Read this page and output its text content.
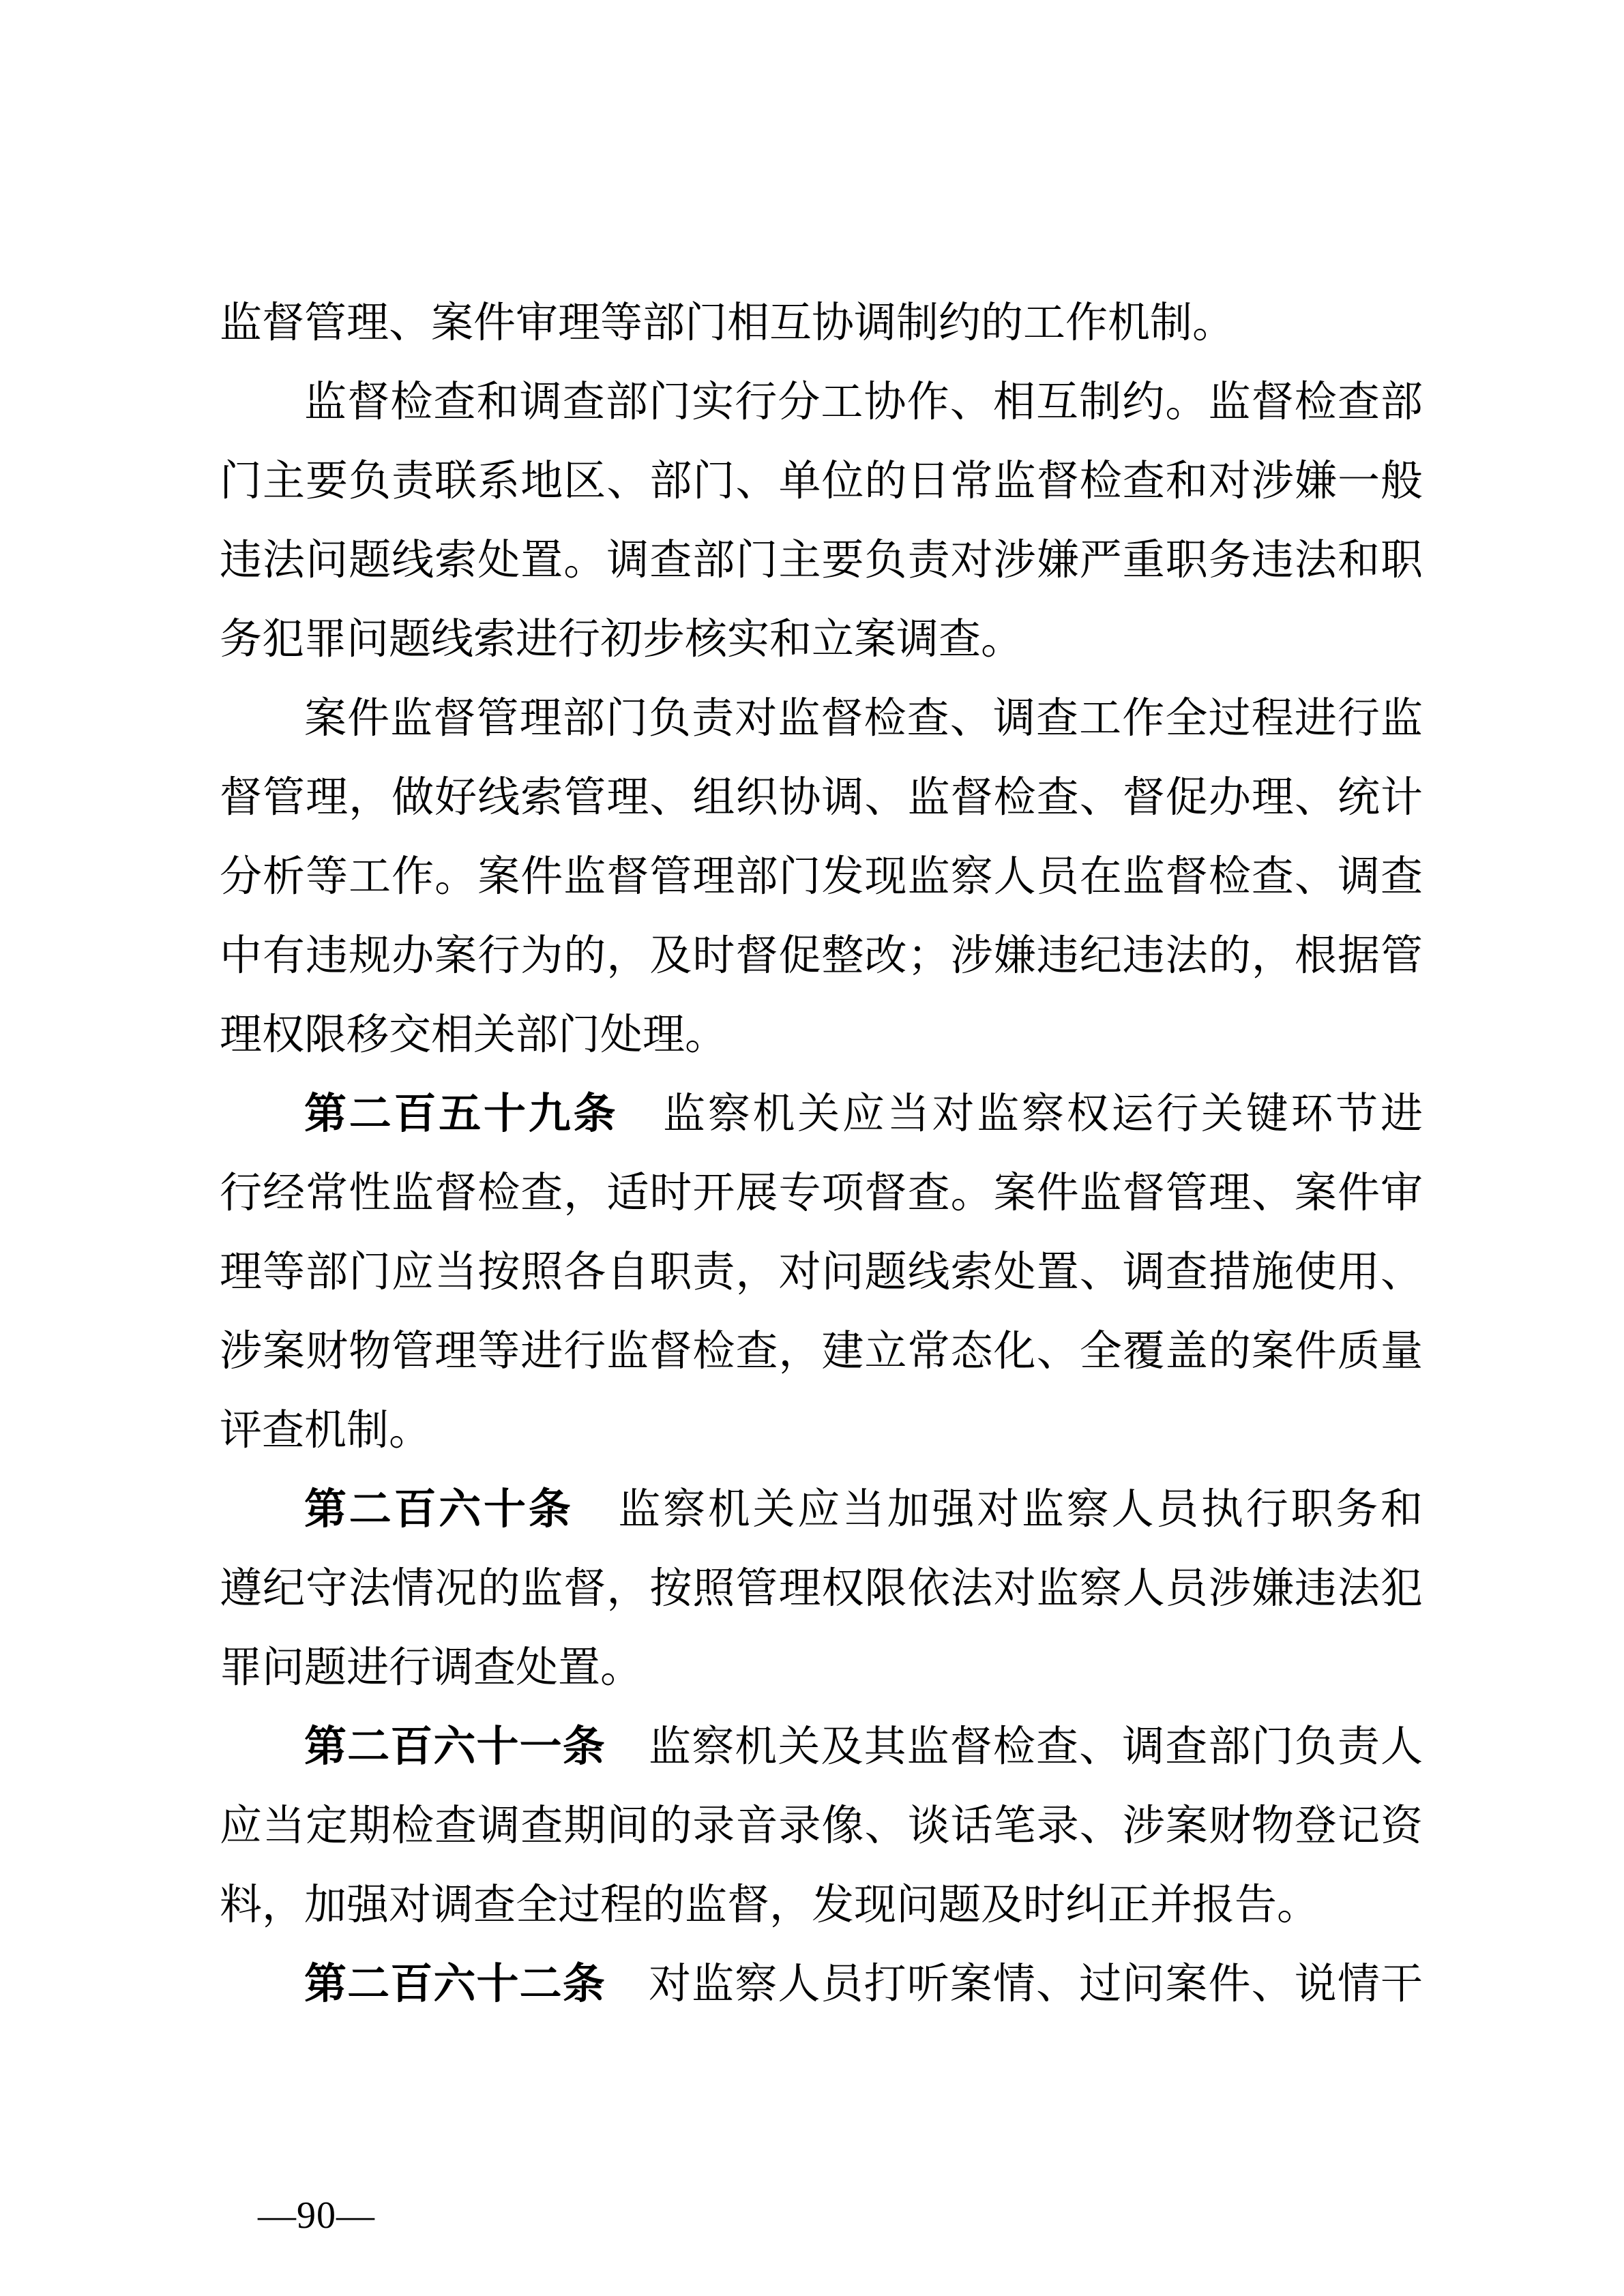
监督管理、案件审理等部门相互协调制约的工作机制。
监督检查和调查部门实行分工协作、相互制约。监督检查部
门主要负责联系地区、部门、单位的日常监督检查和对涉嫌一般
违法问题线索处置。调查部门主要负责对涉嫌严重职务违法和职
务犯罪问题线索进行初步核实和立案调查。
案件监督管理部门负责对监督检查、调查工作全过程进行监
督管理，做好线索管理、组织协调、监督检查、督促办理、统计
分析等工作。案件监督管理部门发现监察人员在监督检查、调查
中有违规办案行为的，及时督促整改；涉嫌违纪违法的，根据管
理权限移交相关部门处理。
第二百五十九条　监察机关应当对监察权运行关键环节进
行经常性监督检查，适时开展专项督查。案件监督管理、案件审
理等部门应当按照各自职责，对问题线索处置、调查措施使用、
涉案财物管理等进行监督检查，建立常态化、全覆盖的案件质量
评查机制。
第二百六十条　监察机关应当加强对监察人员执行职务和
遵纪守法情况的监督，按照管理权限依法对监察人员涉嫌违法犯
罪问题进行调查处置。
第二百六十一条　监察机关及其监督检查、调查部门负责人
应当定期检查调查期间的录音录像、谈话笔录、涉案财物登记资
料，加强对调查全过程的监督，发现问题及时纠正并报告。
第二百六十二条　对监察人员打听案情、过问案件、说情干
—90—
